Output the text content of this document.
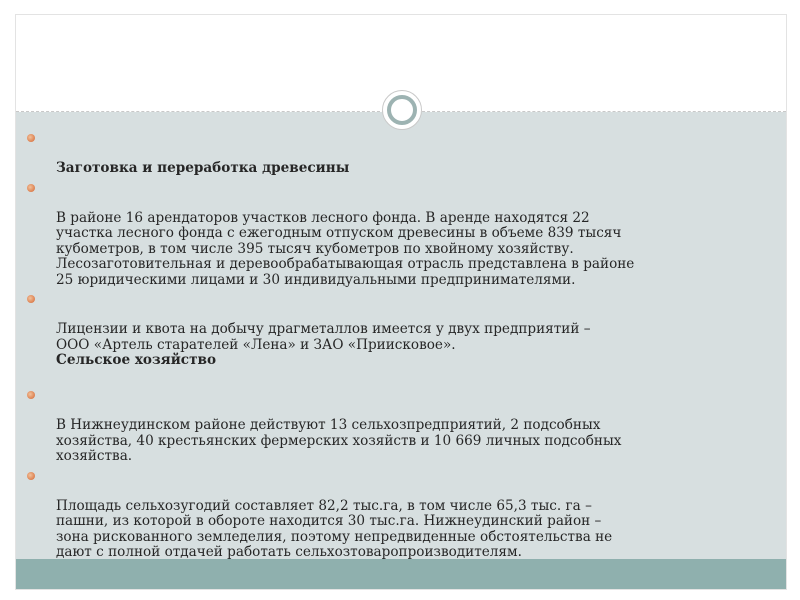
Заготовка и переработка древесины

В районе 16 арендаторов участков лесного фонда. В аренде находятся 22
участка лесного фонда с ежегодным отпуском древесины в объеме 839 тысяч
кубометров, в том числе 395 тысяч кубометров по хвойному хозяйству.
Лесозаготовительная и деревообрабатывающая отрасль представлена в районе
25 юридическими лицами и 30 индивидуальными предпринимателями.

Лицензии и квота на добычу драгметаллов имеется у двух предприятий –
ООО «Артель старателей «Лена» и ЗАО «Приисковое».

Сельское хозяйство

В Нижнеудинском районе действуют 13 сельхозпредприятий, 2 подсобных
хозяйства, 40 крестьянских фермерских хозяйств и 10 669 личных подсобных
хозяйства.

Площадь сельхозугодий составляет 82,2 тыс.га, в том числе 65,3 тыс. га –
пашни, из которой в обороте находится 30 тыс.га. Нижнеудинский район –
зона рискованного земледелия, поэтому непредвиденные обстоятельства не
дают с полной отдачей работать сельхозтоваропроизводителям.
